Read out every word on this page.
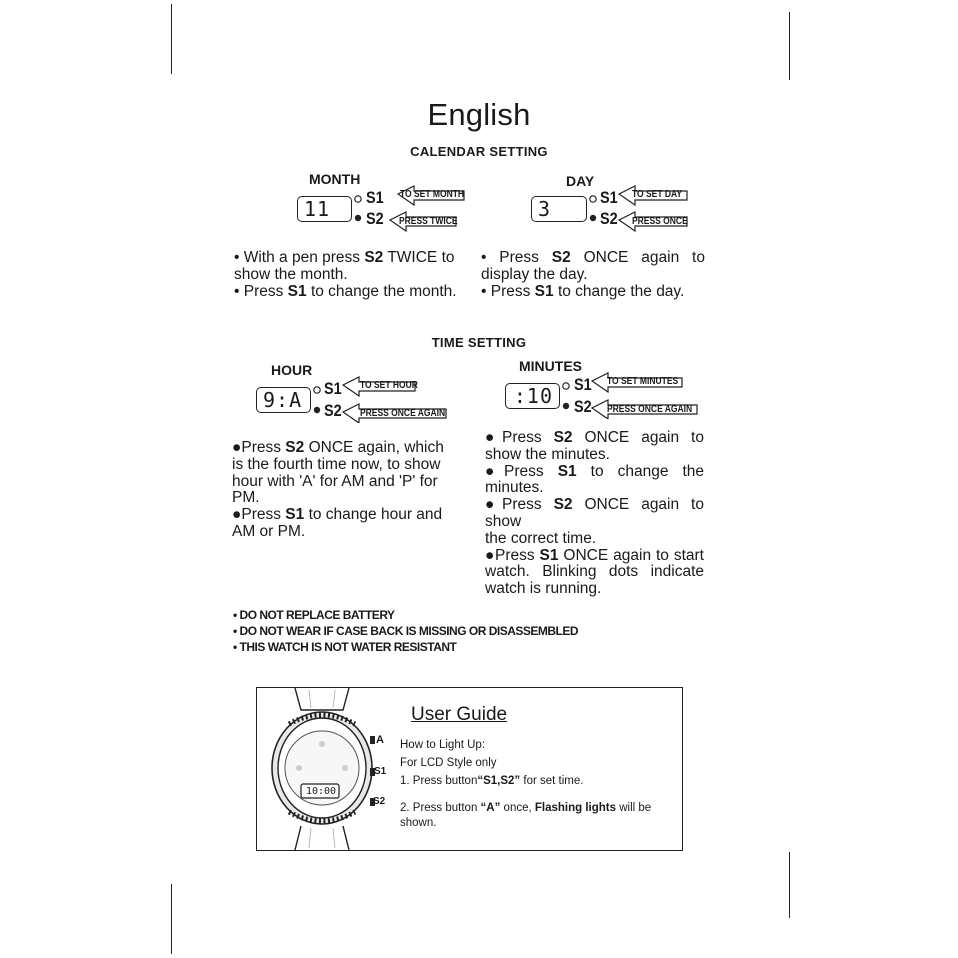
English
CALENDAR SETTING
MONTH
11 S1
S2
TO SET MONTH
PRESS TWICE
DAY
3	S1
S2
TO SET DAY
PRESS ONCE
• With a pen press S2 TWICE to show the month.
• Press S1 to change the month.
• Press S2 ONCE again to display the day.
• Press S1 to change the day.
TIME SETTING
HOUR
9:A S1
S2
TO SET HOUR
PRESS ONCE AGAIN
MINUTES
:10 S1
S2
TO SET MINUTES
PRESS ONCE AGAIN
●Press S2 ONCE again, which is the fourth time now, to show hour with 'A' for AM and 'P' for PM.
●Press S1 to change hour and AM or PM.
●Press S2 ONCE again to show the minutes.
●Press S1 to change the minutes.
●Press S2 ONCE again to show
the correct time.
●Press S1 ONCE again to start watch. Blinking dots indicate watch is running.
• DO NOT REPLACE BATTERY
• DO NOT WEAR IF CASE BACK IS MISSING OR DISASSEMBLED
• THIS WATCH IS NOT WATER RESISTANT
10:00
A
S1
S2
User Guide
How to Light Up:
For LCD Style only
1. Press button“S1,S2” for set time.
2. Press button “A” once, Flashing lights will be shown.
